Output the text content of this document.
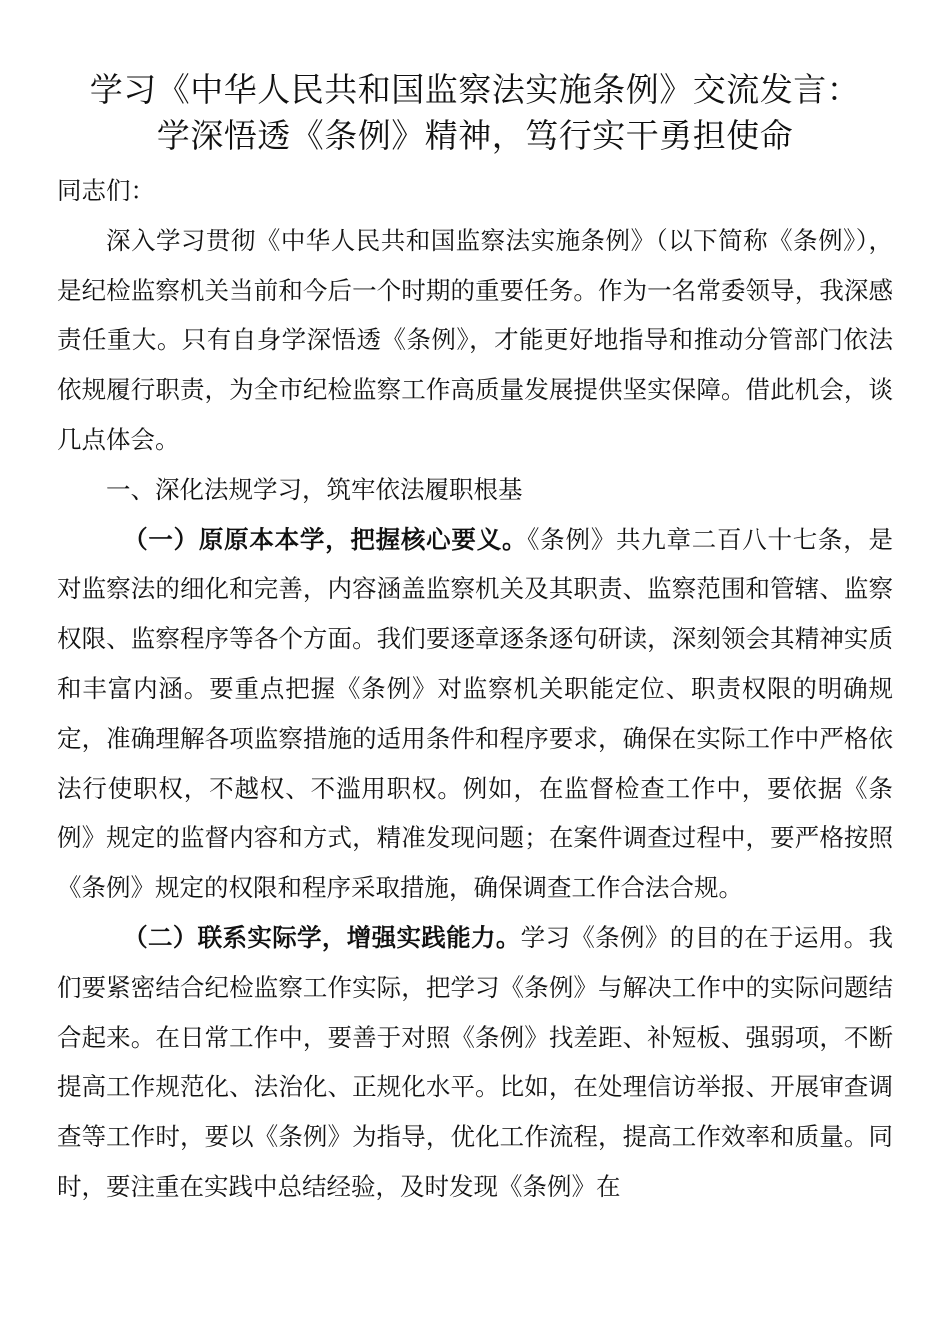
学习《中华人民共和国监察法实施条例》交流发言：
学深悟透《条例》精神，笃行实干勇担使命

同志们：

深入学习贯彻《中华人民共和国监察法实施条例》（以下简称《条例》），是纪检监察机关当前和今后一个时期的重要任务。作为一名常委领导，我深感责任重大。只有自身学深悟透《条例》，才能更好地指导和推动分管部门依法依规履行职责，为全市纪检监察工作高质量发展提供坚实保障。借此机会，谈几点体会。

一、深化法规学习，筑牢依法履职根基

（一）原原本本学，把握核心要义。《条例》共九章二百八十七条，是对监察法的细化和完善，内容涵盖监察机关及其职责、监察范围和管辖、监察权限、监察程序等各个方面。我们要逐章逐条逐句研读，深刻领会其精神实质和丰富内涵。要重点把握《条例》对监察机关职能定位、职责权限的明确规定，准确理解各项监察措施的适用条件和程序要求，确保在实际工作中严格依法行使职权，不越权、不滥用职权。例如，在监督检查工作中，要依据《条例》规定的监督内容和方式，精准发现问题；在案件调查过程中，要严格按照《条例》规定的权限和程序采取措施，确保调查工作合法合规。

（二）联系实际学，增强实践能力。学习《条例》的目的在于运用。我们要紧密结合纪检监察工作实际，把学习《条例》与解决工作中的实际问题结合起来。在日常工作中，要善于对照《条例》找差距、补短板、强弱项，不断提高工作规范化、法治化、正规化水平。比如，在处理信访举报、开展审查调查等工作时，要以《条例》为指导，优化工作流程，提高工作效率和质量。同时，要注重在实践中总结经验，及时发现《条例》在
